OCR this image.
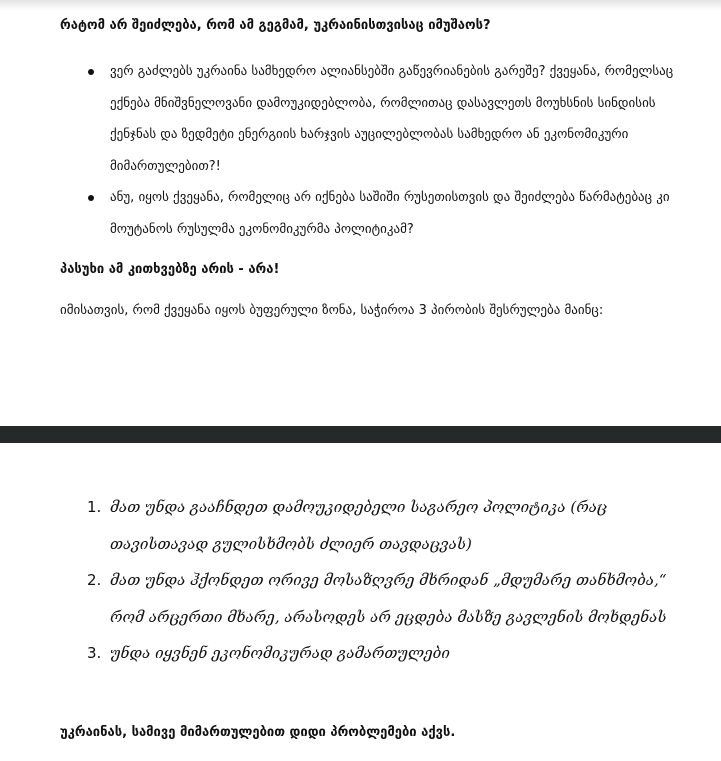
რატომ არ შეიძლება, რომ ამ გეგმამ, უკრაინისთვისაც იმუშაოს?
ვერ გაძლებს უკრაინა სამხედრო ალიანსებში გაწევრიანების გარეშე? ქვეყანა, რომელსაც ექნება მნიშვნელოვანი დამოუკიდებლობა, რომლითაც დასავლეთს მოუხსნის სინდისის ქენჯნას და ზედმეტი ენერგიის ხარჯვის აუცილებლობას სამხედრო ან ეკონომიკური მიმართულებით?!
ანუ, იყოს ქვეყანა, რომელიც არ იქნება საშიში რუსეთისთვის და შეიძლება წარმატებაც კი მოუტანოს რუსულმა ეკონომიკურმა პოლიტიკამ?
პასუხი ამ კითხვებზე არის - არა!
იმისათვის, რომ ქვეყანა იყოს ბუფერული ზონა, საჭიროა 3 პირობის შესრულება მაინც:
1. მათ უნდა გააჩნდეთ დამოუკიდებელი საგარეო პოლიტიკა (რაც თავისთავად გულისხმობს ძლიერ თავდაცვას)
2. მათ უნდა ჰქონდეთ ორივე მოსაზღვრე მხრიდან „მდუმარე თანხმობა,“ რომ არცერთი მხარე, არასოდეს არ ეცდება მასზე გავლენის მოხდენას
3. უნდა იყვნენ ეკონომიკურად გამართულები
უკრაინას, სამივე მიმართულებით დიდი პრობლემები აქვს.
